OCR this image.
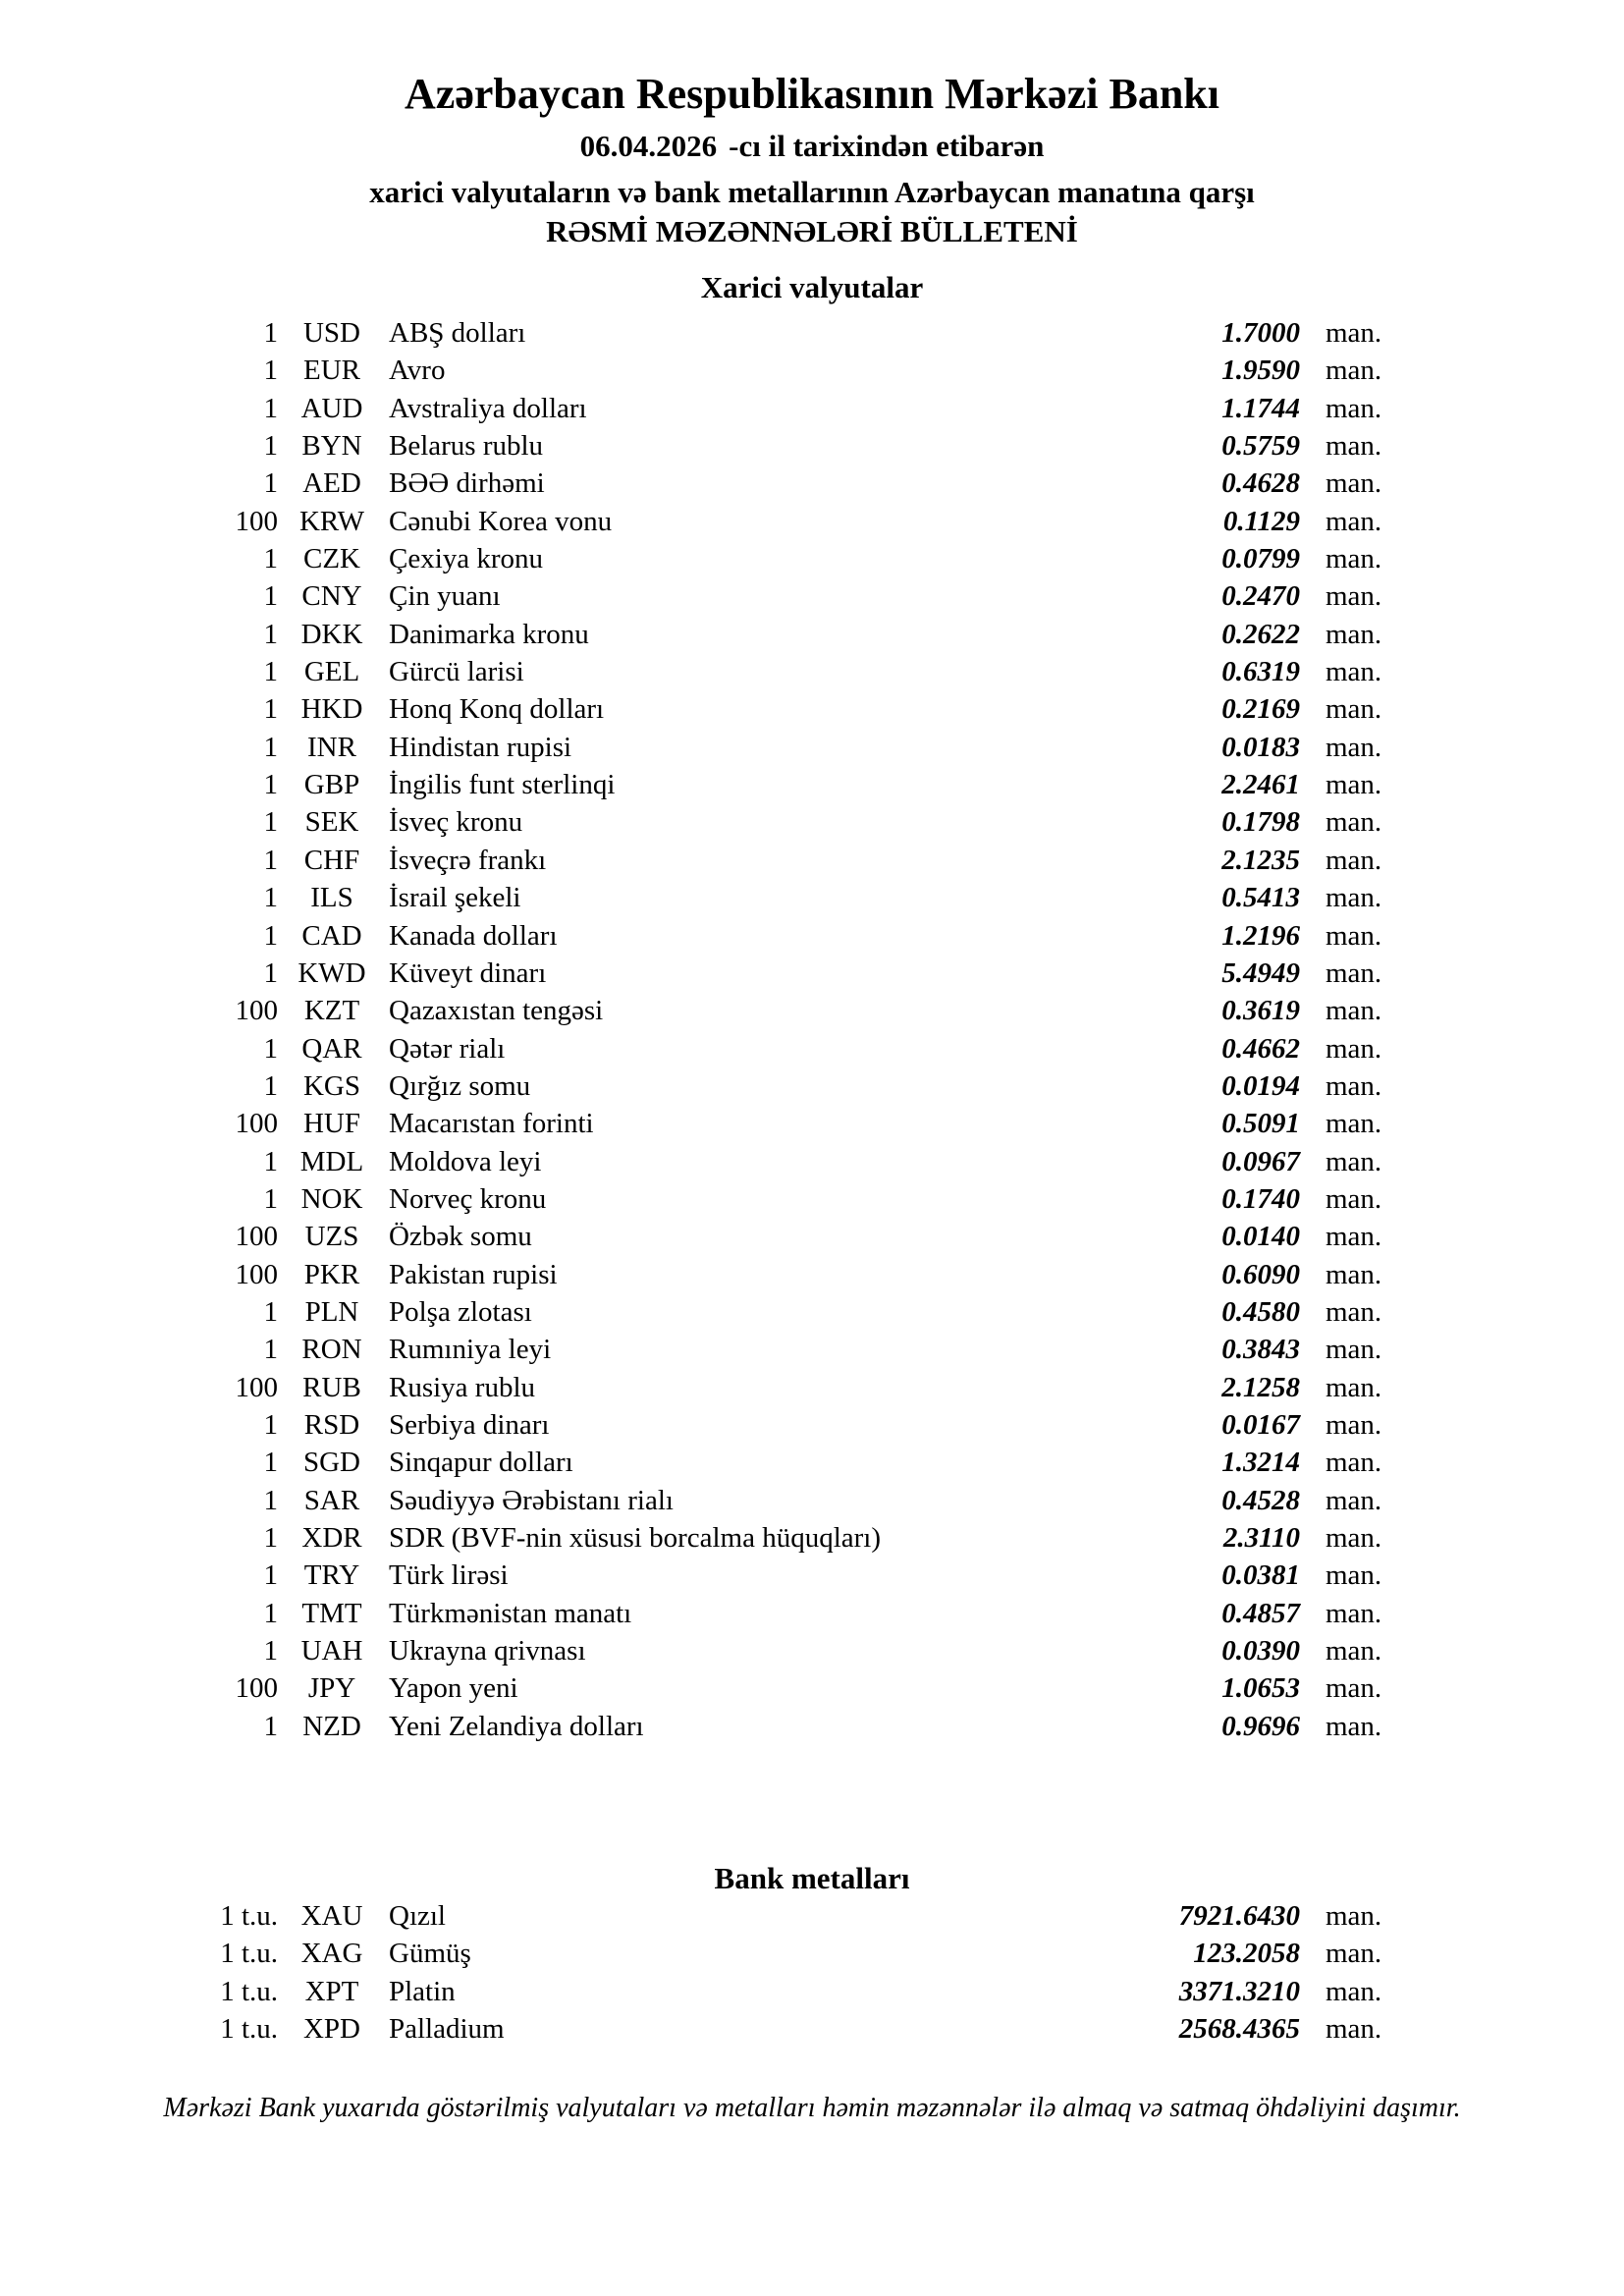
Azərbaycan Respublikasının Mərkəzi Bankı
06.04.2026 -cı il tarixindən etibarən
xarici valyutaların və bank metallarının Azərbaycan manatına qarşı
RƏSMİ MƏZƏNNƏLƏRİ BÜLLETENİ
Xarici valyutalar
1 USD	ABŞ dolları	1.7000 man.
1 EUR	Avro	1.9590 man.
1 AUD Avstraliya dolları	1.1744 man.
1 BYN Belarus rublu	0.5759 man.
1 AED BƏƏ dirhəmi	0.4628 man.
100 KRW Cənubi Korea vonu	0.1129 man.
1 CZK	Çexiya kronu	0.0799 man.
1 CNY Çin yuanı	0.2470 man.
1 DKK Danimarka kronu	0.2622 man.
1 GEL	Gürcü larisi	0.6319 man.
1 HKD Honq Konq dolları	0.2169 man.
1	INR	Hindistan rupisi	0.0183 man.
1 GBP	İngilis funt sterlinqi	2.2461 man.
1 SEK	İsveç kronu	0.1798 man.
1 CHF	İsveçrə frankı	2.1235 man.
1	ILS	İsrail şekeli	0.5413 man.
1 CAD Kanada dolları	1.2196 man.
1 KWD Küveyt dinarı	5.4949 man.
100 KZT	Qazaxıstan tengəsi	0.3619 man.
1 QAR Qətər rialı	0.4662 man.
1 KGS	Qırğız somu	0.0194 man.
100 HUF	Macarıstan forinti	0.5091 man.
1 MDL Moldova leyi	0.0967 man.
1 NOK Norveç kronu	0.1740 man.
100 UZS	Özbək somu	0.0140 man.
100 PKR	Pakistan rupisi	0.6090 man.
1 PLN	Polşa zlotası	0.4580 man.
1 RON Rumıniya leyi	0.3843 man.
100 RUB Rusiya rublu	2.1258 man.
1 RSD	Serbiya dinarı	0.0167 man.
1 SGD	Sinqapur dolları	1.3214 man.
1 SAR	Səudiyyə Ərəbistanı rialı	0.4528 man.
1 XDR SDR (BVF-nin xüsusi borcalma hüquqları)	2.3110 man.
1 TRY	Türk lirəsi	0.0381 man.
1 TMT Türkmənistan manatı	0.4857 man.
1 UAH Ukrayna qrivnası	0.0390 man.
100	JPY	Yapon yeni	1.0653 man.
1 NZD Yeni Zelandiya dolları	0.9696 man.
Bank metalları
1 t.u. XAU Qızıl	7921.6430 man.
1 t.u. XAG Gümüş	123.2058 man.
1 t.u. XPT	Platin	3371.3210 man.
1 t.u. XPD	Palladium	2568.4365 man.
Mərkəzi Bank yuxarıda göstərilmiş valyutaları və metalları həmin məzənnələr ilə almaq və satmaq öhdəliyini daşımır.
